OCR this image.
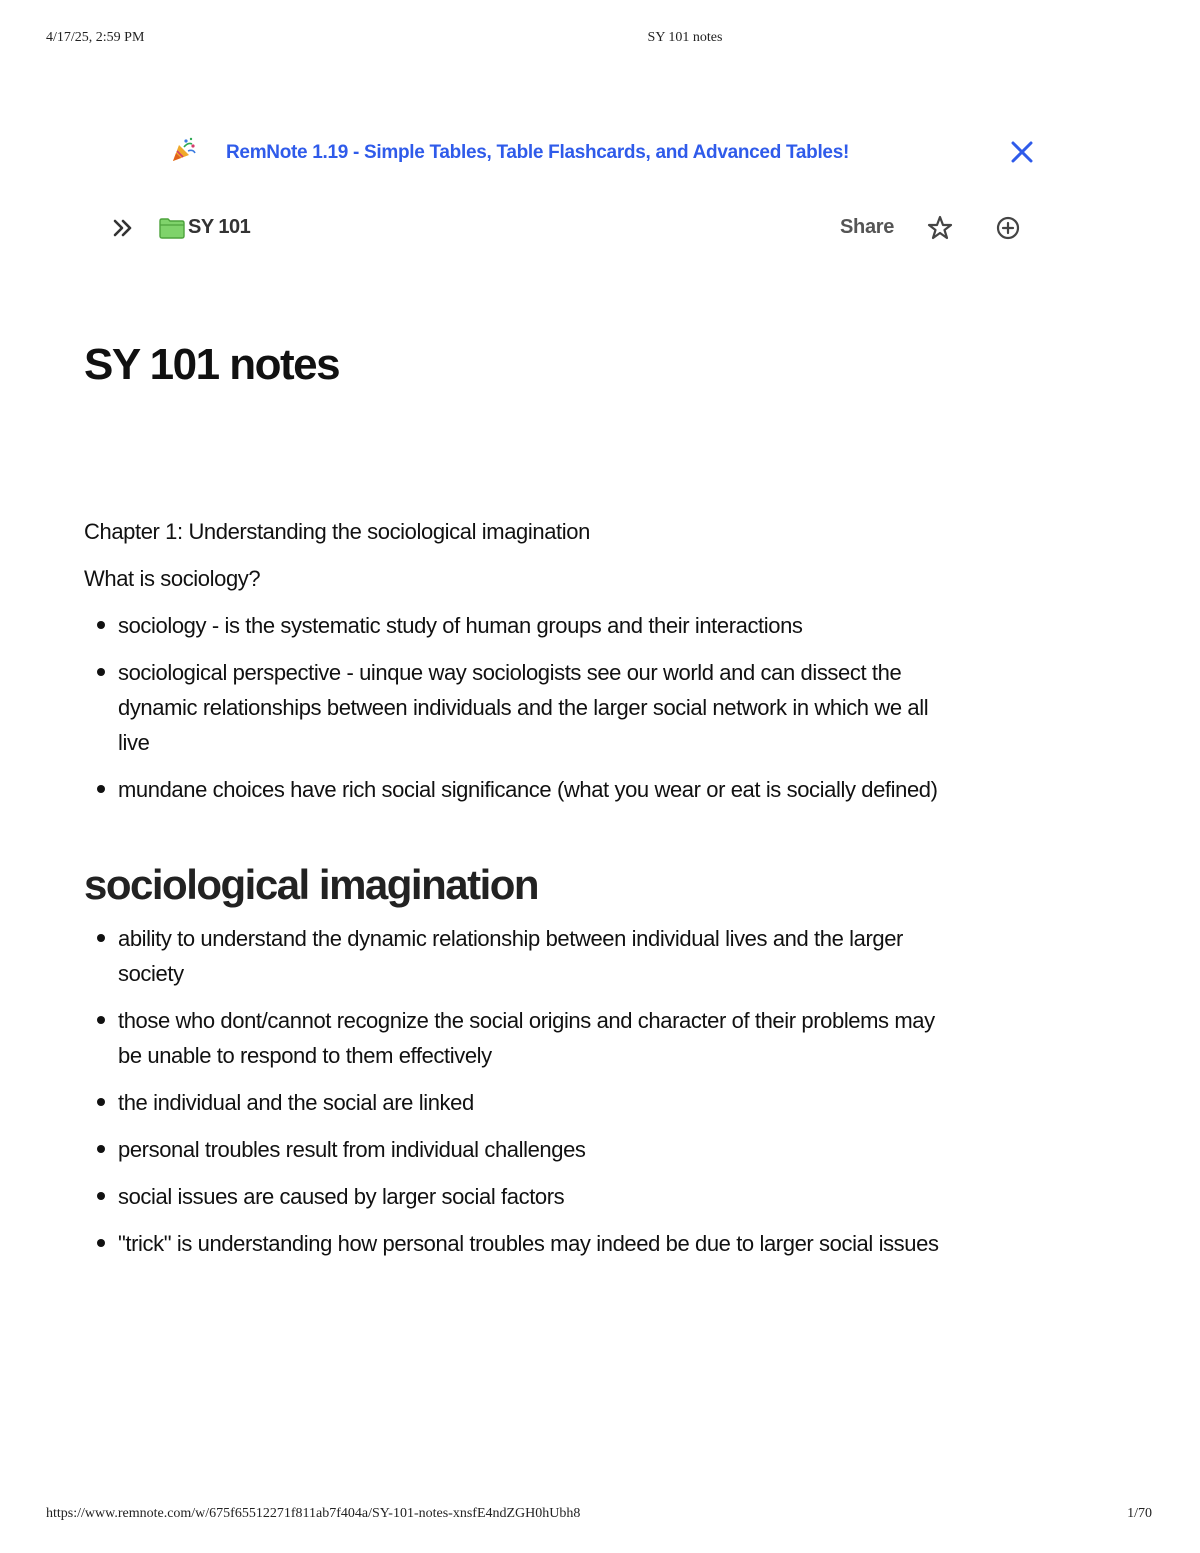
4/17/25, 2:59 PM	SY 101 notes
RemNote 1.19 - Simple Tables, Table Flashcards, and Advanced Tables!
SY 101	Share
SY 101 notes

Chapter 1: Understanding the sociological imagination

What is sociology?

sociology - is the systematic study of human groups and their interactions
sociological perspective - uinque way sociologists see our world and can dissect the dynamic relationships between individuals and the larger social network in which we all live
mundane choices have rich social significance (what you wear or eat is socially defined)
sociological imagination
ability to understand the dynamic relationship between individual lives and the larger society
those who dont/cannot recognize the social origins and character of their problems may be unable to respond to them effectively
the individual and the social are linked
personal troubles result from individual challenges
social issues are caused by larger social factors
"trick" is understanding how personal troubles may indeed be due to larger social issues
https://www.remnote.com/w/675f65512271f811ab7f404a/SY-101-notes-xnsfE4ndZGH0hUbh8	1/70
